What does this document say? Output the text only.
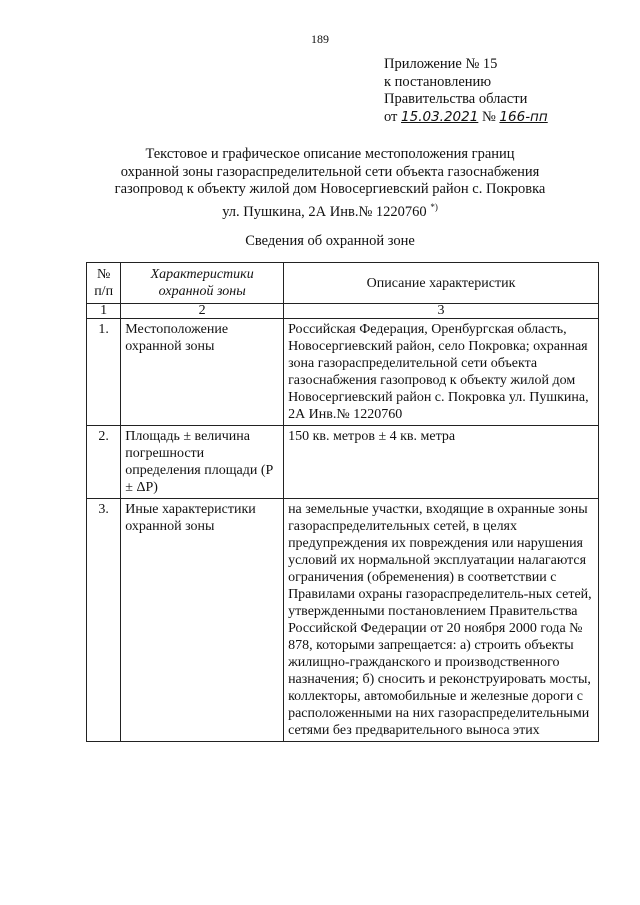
189
Приложение № 15
к постановлению
Правительства области
от 15.03.2021 № 166-пп
Текстовое и графическое описание местоположения границ
охранной зоны газораспределительной сети объекта газоснабжения
газопровод к объекту жилой дом Новосергиевский район с. Покровка
ул. Пушкина, 2А Инв.№ 1220760 *)
Сведения об охранной зоне
№ п/п	Характеристики охранной зоны	Описание характеристик
1	2	3
1.	Местоположение охранной зоны	Российская Федерация, Оренбургская область, Новосергиевский район, село Покровка; охранная зона газораспределительной сети объекта газоснабжения газопровод к объекту жилой дом Новосергиевский район с. Покровка ул. Пушкина, 2А Инв.№ 1220760
2.	Площадь ± величина погрешности определения площади (P ± ΔP)	150 кв. метров ± 4 кв. метра
3.	Иные характеристики охранной зоны	на земельные участки, входящие в охранные зоны газораспределительных сетей, в целях предупреждения их повреждения или нарушения условий их нормальной эксплуатации налагаются ограничения (обременения) в соответствии с Правилами охраны газораспределитель-ных сетей, утвержденными постановлением Правительства Российской Федерации от 20 ноября 2000 года № 878, которыми запрещается: а) строить объекты жилищно-гражданского и производственного назначения; б) сносить и реконструировать мосты, коллекторы, автомобильные и железные дороги с расположенными на них газораспределительными сетями без предварительного выноса этих
